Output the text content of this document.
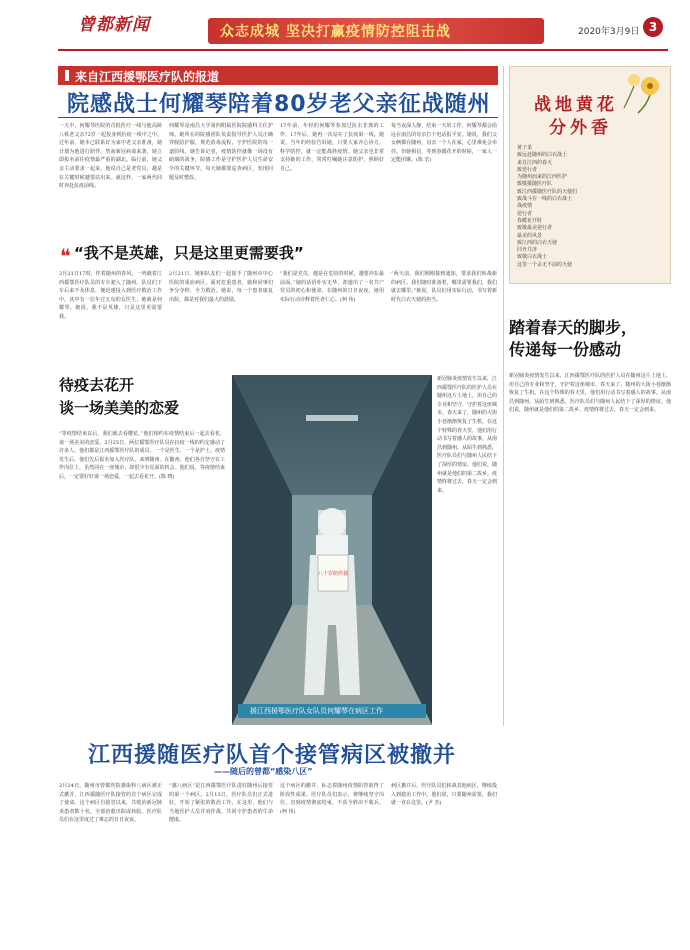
曾都新闻	众志成城 坚决打赢疫情防控阻击战	2020年3月9日 3
来自江西援鄂医疗队的报道
院感战士何耀琴陪着80岁老父亲征战随州
一天中，何耀琴医院的首批医疗一线与他高龄八秩老父亲72岁一起投身到抗疫一线中之中。过年前，她本已联系好为家中老父亲准备，她计划为他进行陪伴，然而新冠病毒来袭，她立即报名前往疫情最严重的湖北。临行前，她父亲主动要求一起来，他说自己是老党员，越是在关键时候越要站出来。就这样，一家两代同时奔赴抗疫前线。
何耀琴是南昌大学第四附属医院院感科主任护师。她所在的院感团队负责指导医护人员正确穿脱防护服，规范消毒流程，守护医院的每一道防线。她告诉记者，疫情防控就像一场没有硝烟的战争，院感工作是守护医护人员生命安全的关键环节。每天她都要巡查病区，发现问题及时整改。
17年前，年轻的何耀琴参加过抗击非典的工作。17年后，她再一次站在了抗疫第一线。她说，当年的经验告诉她，只要大家齐心协力，科学防控，就一定能战胜疫情。她父亲也非常支持她的工作，常常叮嘱她注意防护，照顾好自己。
每当夜深人静，结束一天的工作，何耀琴都会给远在南昌的母亲打个电话报平安。她说，我们父女俩都在随州，母亲一个人在家，心里难免会牵挂。但她相信，等到春暖花开的时候，一家人一定能团聚。(陈 宏)
❝ “我不是英雄，只是这里更需要我”
2月21日17时，伴着随州的春风，一列载着江西援鄂医疗队员的专车驶入了随州。队员们下车后来不及休息，便迅速投入到医疗救治工作中。其中有一位年过五旬的女医生，她就是何耀琴。她说，我不是英雄，只是这里更需要我。
2月21日，她和队友们一起接手了随州市中心医院的重症病区，面对危重患者，她和同事们争分夺秒，全力救治。她说，每一个患者康复出院，都是对我们最大的鼓励。
“我们是党员，越是在危险的时候，越要冲在最前面。”她的话语朴实无华，却道出了一名共产党员的初心和使命。在随州的日日夜夜，她用实际行动诠释着医者仁心。(柯 伟)
“两天前，我们刚刚接到通知，要求我们转战新的病区。我们随时准备着，哪里需要我们，我们就去哪里。”她说。队员们用实际行动，书写着新时代白衣天使的担当。
待疫去花开
谈一场美美的恋爱
“等疫情结束以后，我们就去看樱花。”他们相约在疫情结束后一起去看花，谈一场美美的恋爱。2月25日，两位援鄂医疗队员在抗疫一线的约定感动了许多人。他们都是江西援鄂医疗队的成员，一个是医生，一个是护士。疫情发生后，他们先后报名加入医疗队，来到随州。在随州，他们各自坚守在工作岗位上，虽然同在一座城市，却很少有见面的机会。他们说，等疫情结束后，一定要好好谈一场恋爱，一起去看花开。(陈 晓)
八十岁陪伴我
援江西援鄂医疗队女队员何耀琴在病区工作
新冠肺炎疫情发生以来，江西援鄂医疗队的医护人员在随州这片土地上，用自己的专业和坚守，守护着这座城市。春天来了，随州的大街小巷渐渐恢复了生机。在这个特殊的春天里，他们用行动书写着感人的故事。从南昌到随州，从陌生到熟悉，医疗队员们与随州人民结下了深厚的情谊。他们说，随州就是他们的第二故乡。疫情终将过去，春天一定会到来。
江西援随医疗队首个接管病区被撤并
——随后的曾都“感染八区”
2月24日，随州市曾都医院感染科八病区被正式撤并，江西援随医疗队接管的首个病区完成了使命。这个病区自接管以来，共收治新冠肺炎患者数十名，全部治愈出院或转院。医疗队员们在这里度过了难忘的日日夜夜。
“感八病区”是江西援鄂医疗队进驻随州后接管的第一个病区。2月13日，医疗队员们正式进驻，开始了紧张的救治工作。在这里，他们与当地医护人员并肩作战，共同守护患者的生命健康。
这个病区的撤并，标志着随州疫情防控取得了阶段性成果。医疗队员们表示，将继续坚守岗位，直到疫情彻底结束，不获全胜决不收兵。(柯 伟)
病区撤并后，医疗队员们转战其他病区，继续投入到救治工作中。他们说，只要随州需要，我们就一直在这里。(尹 杰)
战地黄花
分外香
黄子柔
致远赴随州的白衣战士
来自江西的春天
致逆行者
为随州而来的江西医护
致敬援随医疗队
致江西援随医疗队的天使们
致战斗在一线的白衣战士
战疫情
逆行者
春暖花开时
致敬最美逆行者
最美的风景
致江西的白衣天使
同舟共济
致敬白衣战士
这里一个杀无不前的天使
踏着春天的脚步，
传递每一份感动
新冠肺炎疫情发生以来，江西援鄂医疗队的医护人员在随州这片土地上，用自己的专业和坚守，守护着这座城市。春天来了，随州的大街小巷渐渐恢复了生机。在这个特殊的春天里，他们用行动书写着感人的故事。从南昌到随州，从陌生到熟悉，医疗队员们与随州人民结下了深厚的情谊。他们说，随州就是他们的第二故乡。疫情终将过去，春天一定会到来。
